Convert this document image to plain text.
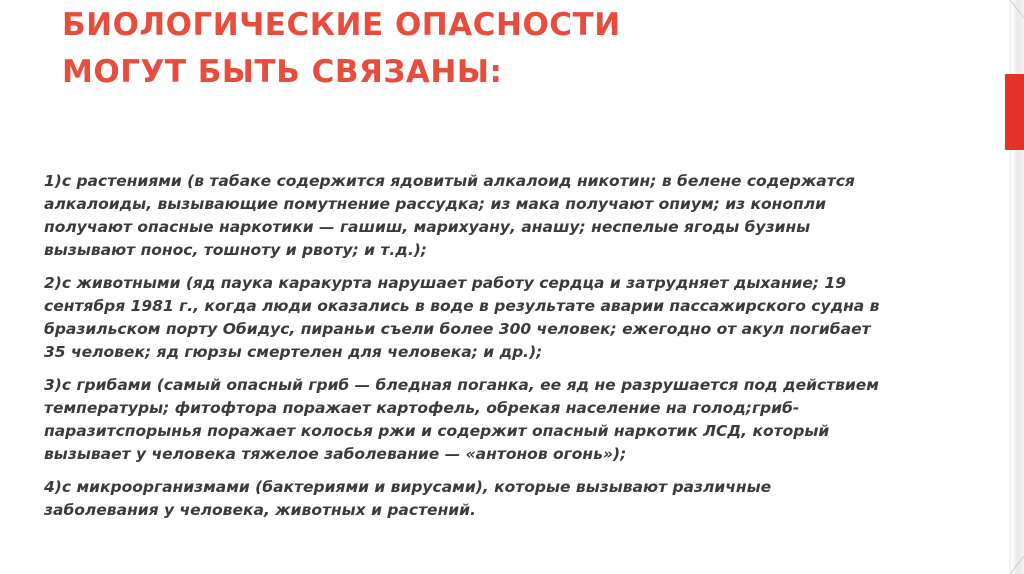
БИОЛОГИЧЕСКИЕ ОПАСНОСТИ
МОГУТ БЫТЬ СВЯЗАНЫ:

1)с растениями (в табаке содержится ядовитый алкалоид никотин; в белене содержатся
алкалоиды, вызывающие помутнение рассудка; из мака получают опиум; из конопли
получают опасные наркотики — гашиш, марихуану, анашу; неспелые ягоды бузины
вызывают понос, тошноту и рвоту; и т.д.);

2)с животными (яд паука каракурта нарушает работу сердца и затрудняет дыхание; 19
сентября 1981 г., когда люди оказались в воде в результате аварии пассажирского судна в
бразильском порту Обидус, пираньи съели более 300 человек; ежегодно от акул погибает
35 человек; яд гюрзы смертелен для человека; и др.);

3)с грибами (самый опасный гриб — бледная поганка, ее яд не разрушается под действием
температуры; фитофтора поражает картофель, обрекая население на голод;гриб-
паразитспорынья поражает колосья ржи и содержит опасный наркотик ЛСД, который
вызывает у человека тяжелое заболевание — «антонов огонь»);

4)с микроорганизмами (бактериями и вирусами), которые вызывают различные
заболевания у человека, животных и растений.
